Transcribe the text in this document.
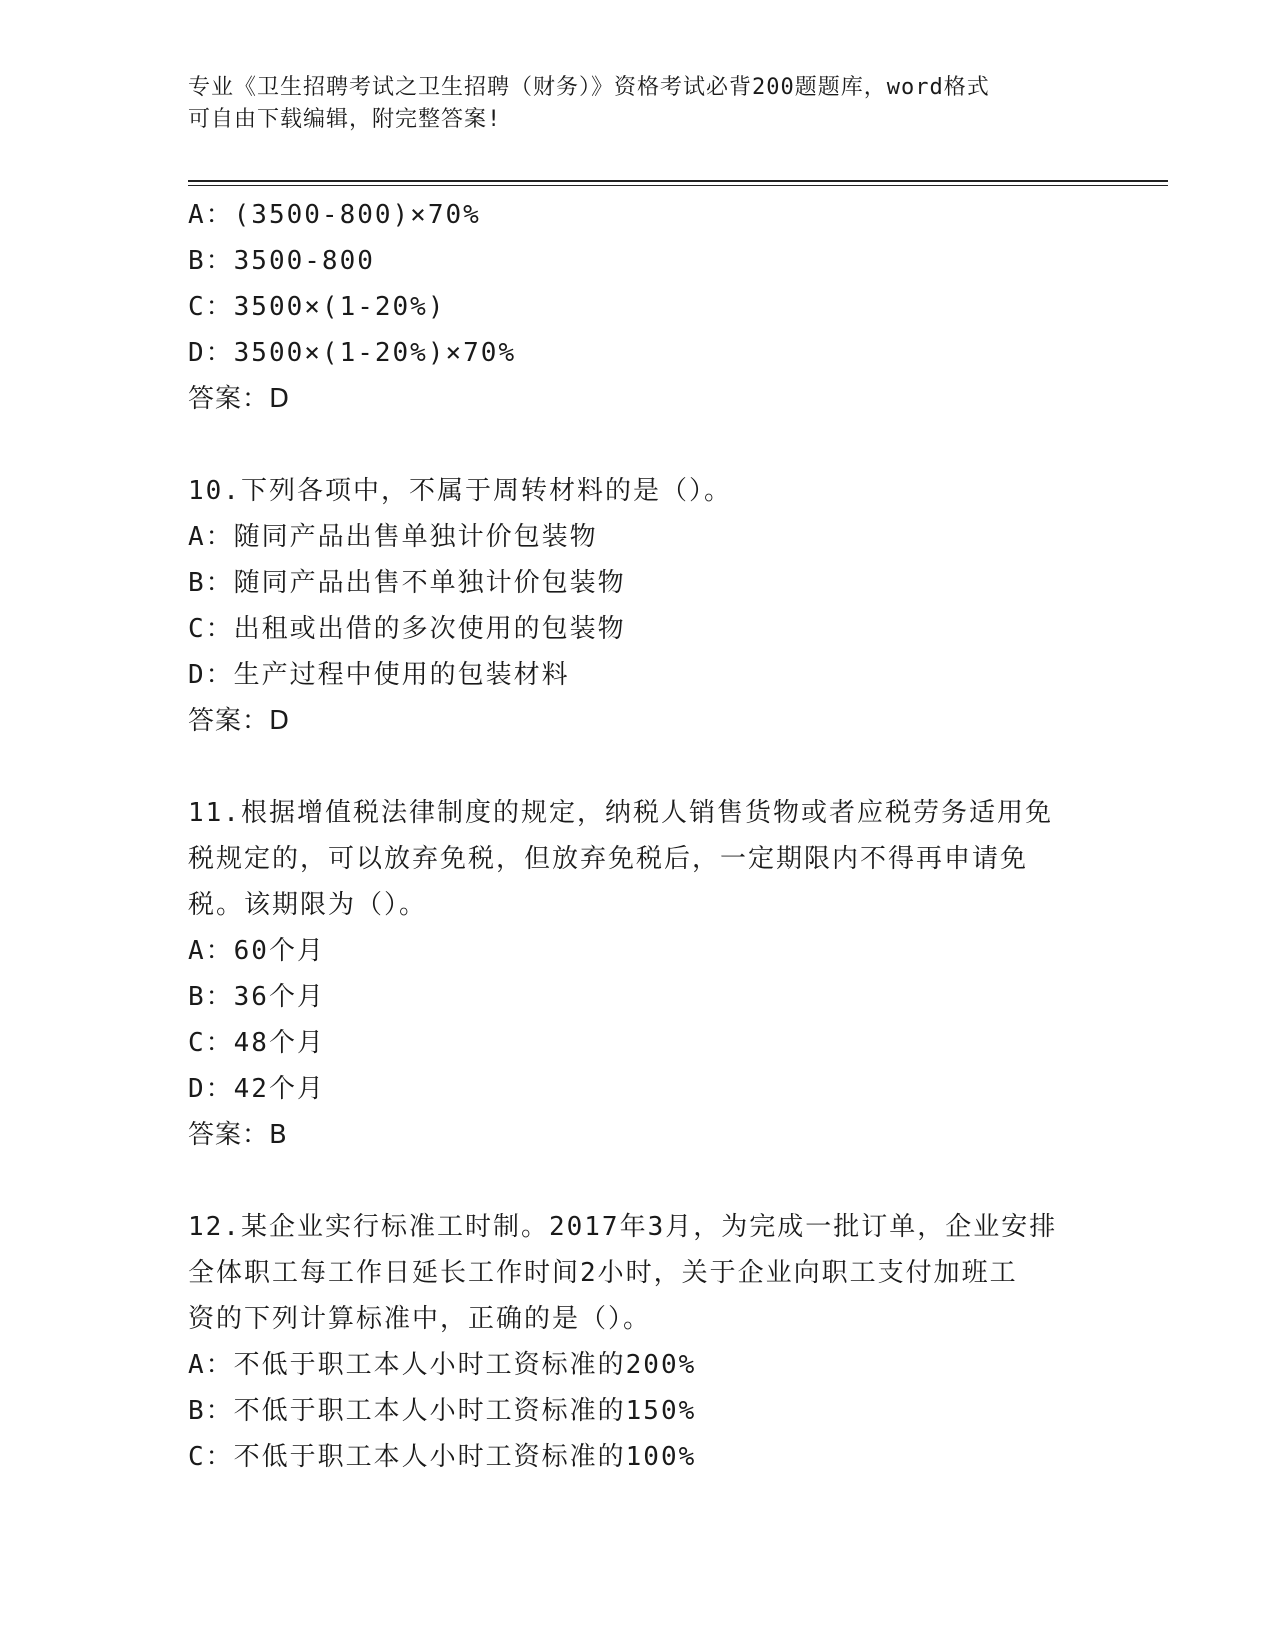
专业《卫生招聘考试之卫生招聘（财务）》资格考试必背200题题库，word格式
可自由下载编辑，附完整答案!
A：(3500-800)×70%
B：3500-800
C：3500×(1-20%)
D：3500×(1-20%)×70%
答案：D
10.下列各项中，不属于周转材料的是（）。
A：随同产品出售单独计价包装物
B：随同产品出售不单独计价包装物
C：出租或出借的多次使用的包装物
D：生产过程中使用的包装材料
答案：D
11.根据增值税法律制度的规定，纳税人销售货物或者应税劳务适用免
税规定的，可以放弃免税，但放弃免税后，一定期限内不得再申请免
税。该期限为（）。
A：60个月
B：36个月
C：48个月
D：42个月
答案：B
12.某企业实行标准工时制。2017年3月，为完成一批订单，企业安排
全体职工每工作日延长工作时间2小时，关于企业向职工支付加班工
资的下列计算标准中，正确的是（）。
A：不低于职工本人小时工资标准的200%
B：不低于职工本人小时工资标准的150%
C：不低于职工本人小时工资标准的100%
